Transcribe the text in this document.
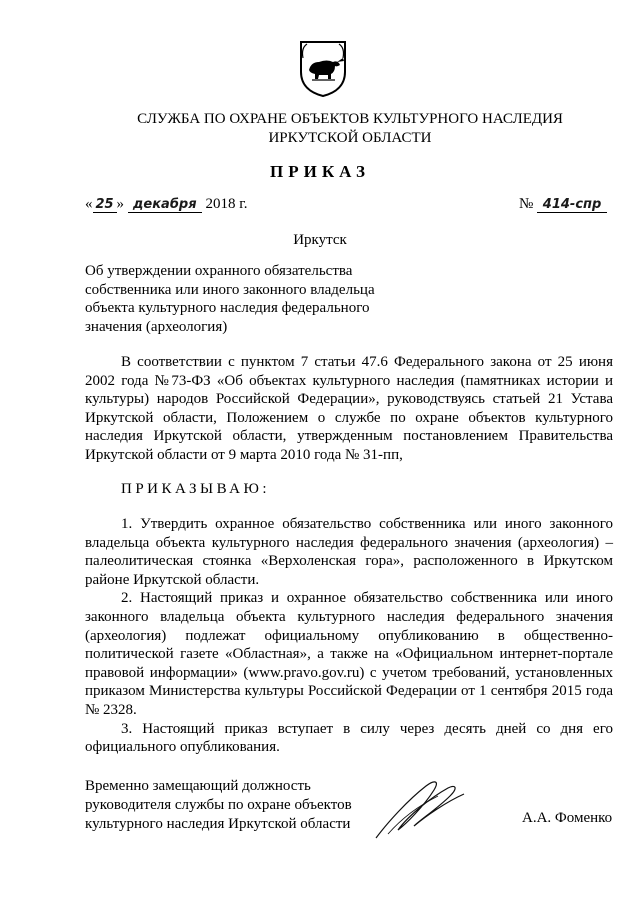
СЛУЖБА ПО ОХРАНЕ ОБЪЕКТОВ КУЛЬТУРНОГО НАСЛЕДИЯ
ИРКУТСКОЙ ОБЛАСТИ
ПРИКАЗ
« 25 » декабря 2018 г.	№ 414-спр
Иркутск
Об утверждении охранного обязательства
собственника или иного законного владельца
объекта культурного наследия федерального
значения (археология)

В соответствии с пунктом 7 статьи 47.6 Федерального закона от 25 июня 2002 года №73-ФЗ «Об объектах культурного наследия (памятниках истории и культуры) народов Российской Федерации», руководствуясь статьей 21 Устава Иркутской области, Положением о службе по охране объектов культурного наследия Иркутской области, утвержденным постановлением Правительства Иркутской области от 9 марта 2010 года № 31-пп,

ПРИКАЗЫВАЮ:

1. Утвердить охранное обязательство собственника или иного законного владельца объекта культурного наследия федерального значения (археология) – палеолитическая стоянка «Верхоленская гора», расположенного в Иркутском районе Иркутской области.

2. Настоящий приказ и охранное обязательство собственника или иного законного владельца объекта культурного наследия федерального значения (археология) подлежат официальному опубликованию в общественно-политической газете «Областная», а также на «Официальном интернет-портале правовой информации» (www.pravo.gov.ru) с учетом требований, установленных приказом Министерства культуры Российской Федерации от 1 сентября 2015 года № 2328.

3. Настоящий приказ вступает в силу через десять дней со дня его официального опубликования.

Временно замещающий должность
руководителя службы по охране объектов
культурного наследия Иркутской области	А.А. Фоменко
